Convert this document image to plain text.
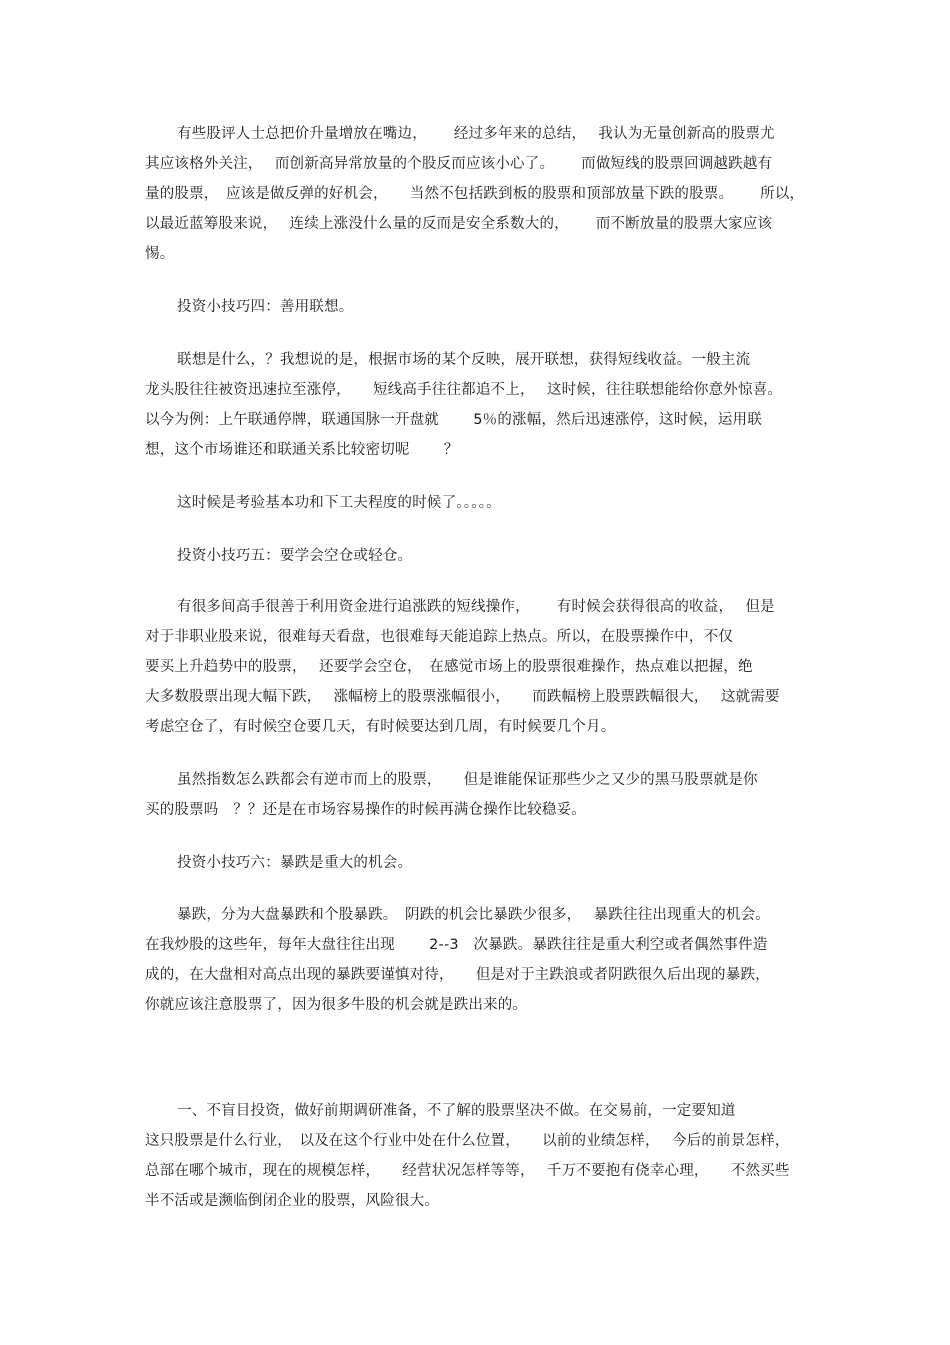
有些股评人士总把价升量增放在嘴边，　　 经过多年来的总结，　 我认为无量创新高的股票尤
其应该格外关注，　 而创新高异常放量的个股反而应该小心了。　　 而做短线的股票回调越跌越有
量的股票，　应该是做反弹的好机会，　　当然不包括跌到板的股票和顶部放量下跌的股票。　　 所以，
以最近蓝筹股来说，　 连续上涨没什么量的反而是安全系数大的，　　 而不断放量的股票大家应该
惕。
投资小技巧四：善用联想。
联想是什么，？我想说的是，根据市场的某个反映，展开联想，获得短线收益。一般主流
龙头股往往被资迅速拉至涨停，　　短线高手往往都追不上，　 这时候，往往联想能给你意外惊喜。
以今为例：上午联通停牌，联通国脉一开盘就　　 5％的涨幅，然后迅速涨停，这时候，运用联
想，这个市场谁还和联通关系比较密切呢　　 ？
这时候是考验基本功和下工夫程度的时候了。。。。。
投资小技巧五：要学会空仓或轻仓。
有很多间高手很善于利用资金进行追涨跌的短线操作，　　 有时候会获得很高的收益，　 但是
对于非职业股来说，很难每天看盘，也很难每天能追踪上热点。所以，在股票操作中，不仅
要买上升趋势中的股票，　 还要学会空仓，　在感觉市场上的股票很难操作，热点难以把握，绝
大多数股票出现大幅下跌，　 涨幅榜上的股票涨幅很小，　　而跌幅榜上股票跌幅很大，　 这就需要
考虑空仓了，有时候空仓要几天，有时候要达到几周，有时候要几个月。
虽然指数怎么跌都会有逆市而上的股票，　　但是谁能保证那些少之又少的黑马股票就是你
买的股票吗　？？还是在市场容易操作的时候再满仓操作比较稳妥。
投资小技巧六：暴跌是重大的机会。
暴跌，分为大盘暴跌和个股暴跌。　阴跌的机会比暴跌少很多，　 暴跌往往出现重大的机会。
在我炒股的这些年，每年大盘往往出现　　 2--3　次暴跌。暴跌往往是重大利空或者偶然事件造
成的，在大盘相对高点出现的暴跌要谨慎对待，　　但是对于主跌浪或者阴跌很久后出现的暴跌，
你就应该注意股票了，因为很多牛股的机会就是跌出来的。
一、不盲目投资，做好前期调研准备，不了解的股票坚决不做。在交易前，一定要知道
这只股票是什么行业，　以及在这个行业中处在什么位置，　　以前的业绩怎样，　 今后的前景怎样，
总部在哪个城市，现在的规模怎样，　　经营状况怎样等等，　 千万不要抱有侥幸心理，　　不然买些
半不活或是濒临倒闭企业的股票，风险很大。
